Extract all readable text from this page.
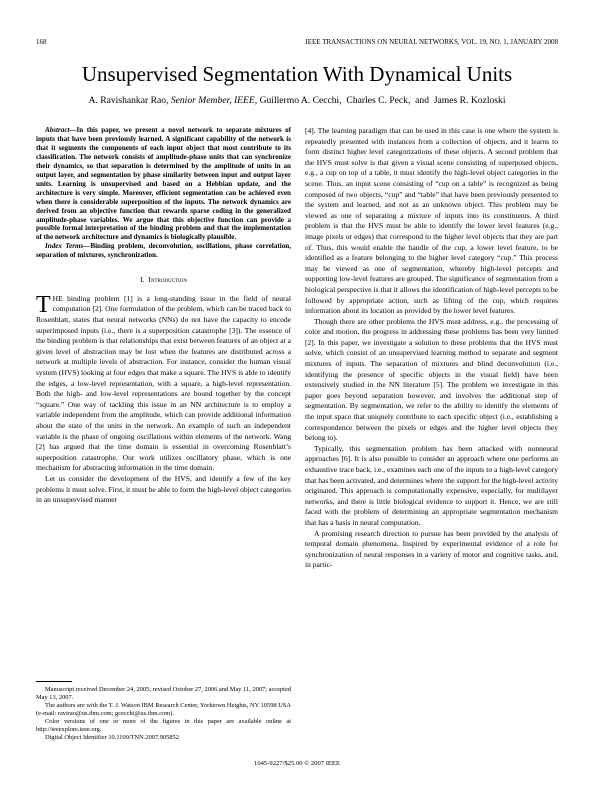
168	IEEE TRANSACTIONS ON NEURAL NETWORKS, VOL. 19, NO. 1, JANUARY 2008
Unsupervised Segmentation With Dynamical Units
A. Ravishankar Rao, Senior Member, IEEE, Guillermo A. Cecchi,  Charles C. Peck,  and  James R. Kozloski

Abstract—In this paper, we present a novel network to separate mixtures of inputs that have been previously learned. A significant capability of the network is that it segments the components of each input object that most contribute to its classification. The network consists of amplitude-phase units that can synchronize their dynamics, so that separation is determined by the amplitude of units in an output layer, and segmentation by phase similarity between input and output layer units. Learning is unsupervised and based on a Hebbian update, and the architecture is very simple. Moreover, efficient segmentation can be achieved even when there is considerable superposition of the inputs. The network dynamics are derived from an objective function that rewards sparse coding in the generalized amplitude-phase variables. We argue that this objective function can provide a possible formal interpretation of the binding problem and that the implementation of the network architecture and dynamics is biologically plausible.

Index Terms—Binding problem, deconvolution, oscillations, phase correlation, separation of mixtures, synchronization.

I. Introduction

THE binding problem [1] is a long-standing issue in the field of neural computation [2]. One formulation of the problem, which can be traced back to Rosenblatt, states that neural networks (NNs) do not have the capacity to encode superimposed inputs (i.e., there is a superposition catastrophe [3]). The essence of the binding problem is that relationships that exist between features of an object at a given level of abstraction may be lost when the features are distributed across a network at multiple levels of abstraction. For instance, consider the human visual system (HVS) looking at four edges that make a square. The HVS is able to identify the edges, a low-level representation, with a square, a high-level representation. Both the high- and low-level representations are bound together by the concept “square.” One way of tackling this issue in an NN architecture is to employ a variable independent from the amplitude, which can provide additional information about the state of the units in the network. An example of such an independent variable is the phase of ongoing oscillations within elements of the network. Wang [2] has argued that the time domain is essential in overcoming Rosenblatt’s superposition catastrophe. Our work utilizes oscillatory phase, which is one mechanism for abstracting information in the time domain.

Let us consider the development of the HVS, and identify a few of the key problems it must solve. First, it must be able to form the high-level object categories in an unsupervised manner

Manuscript received December 24, 2005; revised October 27, 2006 and May 11, 2007; accepted May 13, 2007.

The authors are with the T. J. Watson IBM Research Center, Yorktown Heights, NY 10598 USA (e-mail: ravirao@us.ibm.com; gcecchi@us.ibm.com).

Color versions of one or more of the figures in this paper are available online at http://ieeexplore.ieee.org.

Digital Object Identifier 10.1109/TNN.2007.905852

[4]. The learning paradigm that can be used in this case is one where the system is repeatedly presented with instances from a collection of objects, and it learns to form distinct higher level categorizations of these objects. A second problem that the HVS must solve is that given a visual scene consisting of superposed objects, e.g., a cup on top of a table, it must identify the high-level object categories in the scene. Thus, an input scene consisting of “cup on a table” is recognized as being composed of two objects, “cup” and “table” that have been previously presented to the system and learned, and not as an unknown object. This problem may be viewed as one of separating a mixture of inputs into its constituents. A third problem is that the HVS must be able to identify the lower level features (e.g., image pixels or edges) that correspond to the higher level objects that they are part of. Thus, this would enable the handle of the cup, a lower level feature, to be identified as a feature belonging to the higher level category “cup.” This process may be viewed as one of segmentation, whereby high-level percepts and supporting low-level features are grouped. The significance of segmentation from a biological perspective is that it allows the identification of high-level percepts to be followed by appropriate action, such as lifting of the cup, which requires information about its location as provided by the lower level features.

Though there are other problems the HVS must address, e.g., the processing of color and motion, the progress in addressing these problems has been very limited [2]. In this paper, we investigate a solution to these problems that the HVS must solve, which consist of an unsupervised learning method to separate and segment mixtures of inputs. The separation of mixtures and blind deconvolution (i.e., identifying the presence of specific objects in the visual field) have been extensively studied in the NN literature [5]. The problem we investigate in this paper goes beyond separation however, and involves the additional step of segmentation. By segmentation, we refer to the ability to identify the elements of the input space that uniquely contribute to each specific object (i.e., establishing a correspondence between the pixels or edges and the higher level objects they belong to).

Typically, this segmentation problem has been attacked with nonneural approaches [6]. It is also possible to consider an approach where one performs an exhaustive trace back, i.e., examines each one of the inputs to a high-level category that has been activated, and determines where the support for the high-level activity originated. This approach is computationally expensive, especially, for multilayer networks, and there is little biological evidence to support it. Hence, we are still faced with the problem of determining an appropriate segmentation mechanism that has a basis in neural computation.

A promising research direction to pursue has been provided by the analysis of temporal domain phenomena. Inspired by experimental evidence of a role for synchronization of neural responses in a variety of motor and cognitive tasks, and, in partic-

1045-9227/$25.00 © 2007 IEEE
